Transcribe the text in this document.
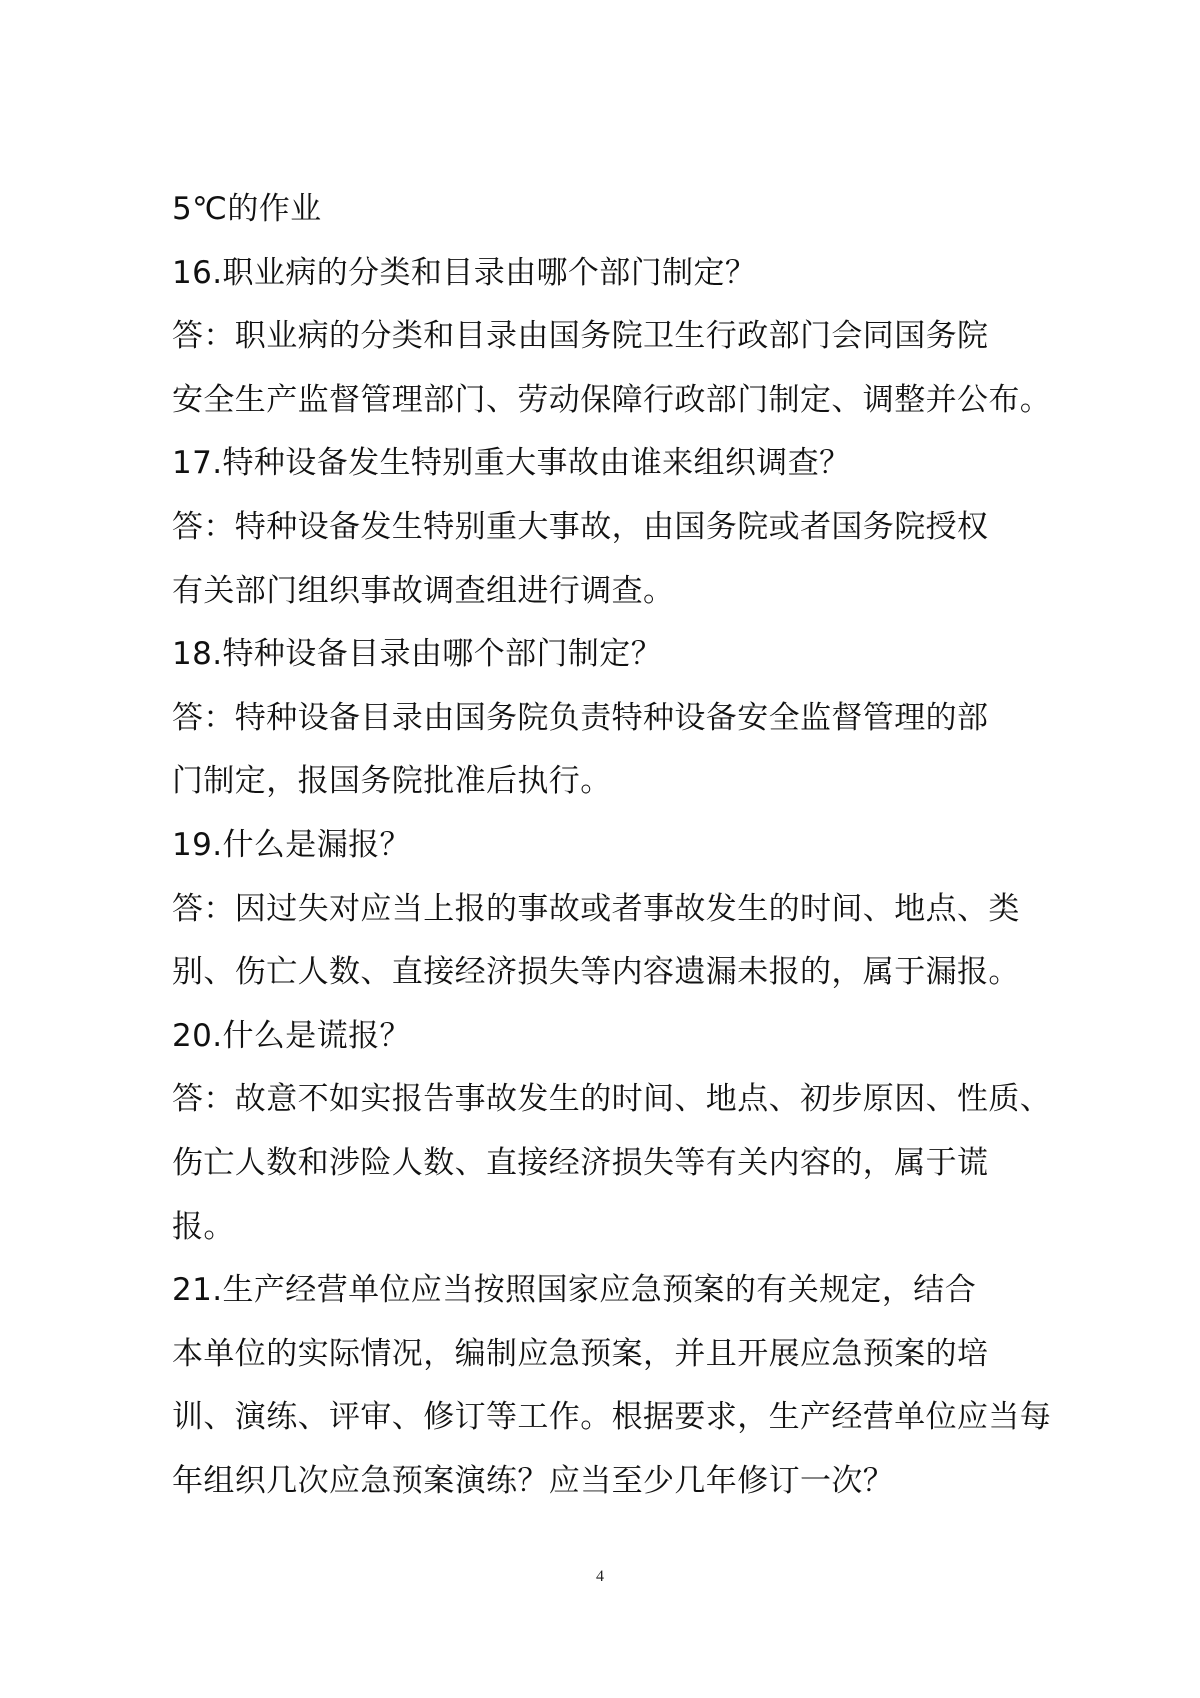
5℃的作业
16.职业病的分类和目录由哪个部门制定？
答：职业病的分类和目录由国务院卫生行政部门会同国务院
安全生产监督管理部门、劳动保障行政部门制定、调整并公布。
17.特种设备发生特别重大事故由谁来组织调查？
答：特种设备发生特别重大事故，由国务院或者国务院授权
有关部门组织事故调查组进行调查。
18.特种设备目录由哪个部门制定？
答：特种设备目录由国务院负责特种设备安全监督管理的部
门制定，报国务院批准后执行。
19.什么是漏报？
答：因过失对应当上报的事故或者事故发生的时间、地点、类
别、伤亡人数、直接经济损失等内容遗漏未报的，属于漏报。
20.什么是谎报？
答：故意不如实报告事故发生的时间、地点、初步原因、性质、
伤亡人数和涉险人数、直接经济损失等有关内容的，属于谎
报。
21.生产经营单位应当按照国家应急预案的有关规定，结合
本单位的实际情况，编制应急预案，并且开展应急预案的培
训、演练、评审、修订等工作。根据要求，生产经营单位应当每
年组织几次应急预案演练？应当至少几年修订一次？
4
